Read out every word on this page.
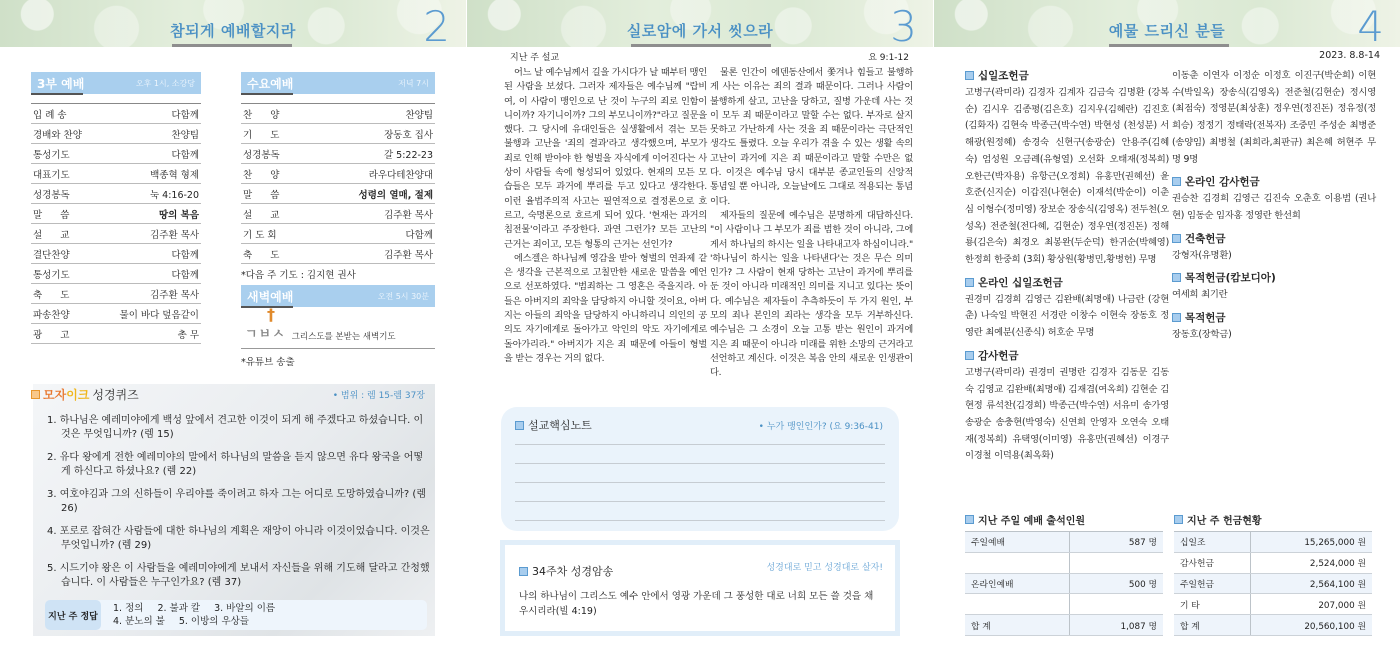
참되게 예배할지라	2
3부 예배	오후 1시, 소강당
입 례 송	다함께
경배와 찬양	찬양팀
통성기도	다함께
대표기도	백종혁 형제
성경봉독	눅 4:16-20
말      씀	땅의 복음
설      교	김주환 목사
결단찬양	다함께
통성기도	다함께
축      도	김주환 목사
파송찬양	물이 바다 덮음같이
광      고	총 무
수요예배	저녁 7시
찬      양	찬양팀
기      도	장동호 집사
성경봉독	갈 5:22-23
찬      양	라우다테찬양대
말      씀	성령의 열매, 절제
설      교	김주환 목사
기 도 회	다함께
축      도	김주환 목사
*다음 주 기도 : 김지현 권사
새벽예배	오전 5시 30분
ㄱㅂㅅ
†
그리스도를 본받는 새벽기도
*유튜브 송출
모자이크 성경퀴즈	• 범위 : 렘 15-렘 37장
1. 하나님은 예레미야에게 백성 앞에서 견고한 이것이 되게 해 주겠다고 하셨습니다. 이것은 무엇입니까? (렘 15)
2. 유다 왕에게 전한 예레미야의 말에서 하나님의 말씀을 듣지 않으면 유다 왕국을 어떻게 하신다고 하셨나요? (렘 22)
3. 여호야김과 그의 신하들이 우리야를 죽이려고 하자 그는 어디로 도망하였습니까? (렘 26)
4. 포로로 잡혀간 사람들에 대한 하나님의 계획은 재앙이 아니라 이것이었습니다. 이것은 무엇입니까? (렘 29)
5. 시드기야 왕은 이 사람들을 예레미야에게 보내서 자신들을 위해 기도해 달라고 간청했습니다. 이 사람들은 누구인가요? (렘 37)
지난 주 정답
1. 정의 2. 불과 칼 3. 바알의 이름
4. 분노의 불 5. 이방의 우상들
실로암에 가서 씻으라	3
지난 주 설교	요 9:1-12

어느 날 예수님께서 길을 가시다가 날 때부터 맹인 된 사람을 보셨다. 그러자 제자들은 예수님께 "랍비여, 이 사람이 맹인으로 난 것이 누구의 죄로 인함이니이까? 자기니이까? 그의 부모니이까?"라고 질문을 했다. 그 당시에 유대인들은 실생활에서 겪는 모든 불행과 고난을 '죄의 결과'라고 생각했으며, 부모가 죄로 인해 받아야 한 형벌을 자식에게 이어진다는 사상이 사람들 속에 형성되어 있었다. 현재의 모든 모습들은 모두 과거에 뿌리를 두고 있다고 생각한다. 이런 율법주의적 사고는 필연적으로 결정론으로 흐르고, 숙명론으로 흐르게 되어 있다. '현재는 과거의 침전물'이라고 주장한다. 과연 그런가? 모든 고난의 근거는 죄이고, 모든 형통의 근거는 선인가?

에스겔은 하나님께 영감을 받아 형벌의 연좌제 같은 생각을 근본적으로 고칠만한 새로운 말씀을 예언으로 선포하였다. "범죄하는 그 영혼은 죽을지라. 아들은 아버지의 죄악을 담당하지 아니할 것이요, 아버지는 아들의 죄악을 담당하지 아니하리니 의인의 공의도 자기에게로 돌아가고 악인의 악도 자기에게로 돌아가리라." 아버지가 지은 죄 때문에 아들이 형벌을 받는 경우는 거의 없다.

물론 인간이 에덴동산에서 쫓겨나 힘들고 불행하게 사는 이유는 죄의 결과 때문이다. 그러나 사람이 불행하게 살고, 고난을 당하고, 질병 가운데 사는 것이 모두 죄 때문이라고 말할 수는 없다. 부자로 살지 못하고 가난하게 사는 것을 죄 때문이라는 극단적인 생각도 틀렸다. 오늘 우리가 겪을 수 있는 생활 속의 고난이 과거에 지은 죄 때문이라고 말할 수만은 없다. 이것은 예수님 당시 대부분 종교인들의 신앙적 통념일 뿐 아니라, 오늘날에도 그대로 적용되는 통념이다.

제자들의 질문에 예수님은 분명하게 대답하신다. "이 사람이나 그 부모가 죄를 범한 것이 아니라, 그에게서 하나님의 하시는 일을 나타내고자 하심이니라." '하나님이 하시는 일을 나타낸다'는 것은 무슨 의미인가? 그 사람이 현재 당하는 고난이 과거에 뿌리를 둔 것이 아니라 미래적인 의미를 지니고 있다는 뜻이다. 예수님은 제자들이 추측하듯이 두 가지 원인, 부모의 죄나 본인의 죄라는 생각을 모두 거부하신다. 예수님은 그 소경이 오늘 고통 받는 원인이 과거에 지은 죄 때문이 아니라 미래를 위한 소망의 근거라고 선언하고 계신다. 이것은 복음 안의 새로운 인생관이다.

설교핵심노트	• 누가 맹인인가? (요 9:36-41)
34주차 성경암송	성경대로 믿고 성경대로 살자!
나의 하나님이 그리스도 예수 안에서 영광 가운데 그 풍성한 대로 너희 모든 쓸 것을 채우시리라(빌 4:19)
예물 드리신 분들	4
2023. 8.8-14
십일조헌금
고병구(곽미라) 김경자 김계자 김금숙 김명환 (강복순) 김시우 김종평(김은호) 김지우(김혜란) 김진호(김화자) 김현숙 박종근(박수연) 박현성 (천성분) 서해광(원정혜) 송경숙 신현구(송광순) 안용주(김혜숙) 엄성원 오금례(유형열) 오선화 오태재(정복희) 오한근(박자용) 유항근(오정희) 유홍만(권혜선) 윤호준(신지순) 이갑진(나현순) 이재석(박순이) 이춘심 이형수(정미영) 장보순 장송식(김영옥) 전두천(오성옥) 전준철(전다혜, 김현순) 정우연(정진돈) 정해룡(김은숙) 최경오 최봉완(두순덕) 한귀순(박혜영) 한정희 한중희 (3회) 황상원(황병민,황병헌) 무명
온라인 십일조헌금
권경미 김경희 김영근 김완배(최명애) 나금란 (강현춘) 나숙일 박현진 서경란 이창수 이현숙 장동호 정영란 최예분(신종식) 허호순 무명
감사헌금
고병구(곽미라) 권경미 권명란 김경자 김동문 김동숙 김영교 김완배(최명애) 김재겸(여옥희) 김현순 김현정 류석찬(김경희) 박종근(박수연) 서유미 송가영 송광순 송충현(박영숙) 신연희 안영자 오연숙 오태재(정복희) 유택영(이미영) 유홍만(권혜선) 이경구 이경철 이덕용(최옥화)
이동춘 이연자 이정순 이정호 이진구(박순희) 이현수(박일옥) 장송식(김영옥) 전준철(김현순) 정시영(최점숙) 정영분(최상훈) 정우연(정진돈) 정유정(정희승) 정정기 정태락(전복자) 조중민 주성순 최병준(송양임) 최병철 (최희라,최판규) 최은혜 허현주 무명 9명
온라인 감사헌금
권승찬 김경희 김영근 김진숙 오춘호 이용범 (권나현) 임동순 임자홍 정영란 한선희
건축헌금
강형자(유명환)
목적헌금(캄보디아)
여세희 최기란
목적헌금
장동호(장학금)
지난 주일 예배 출석인원
주일예배	587 명

온라인예배	500 명

합 계	1,087 명
지난 주 헌금현황
십일조	15,265,000 원
감사헌금	2,524,000 원
주일헌금	2,564,100 원
기 타	207,000 원
합 계	20,560,100 원
